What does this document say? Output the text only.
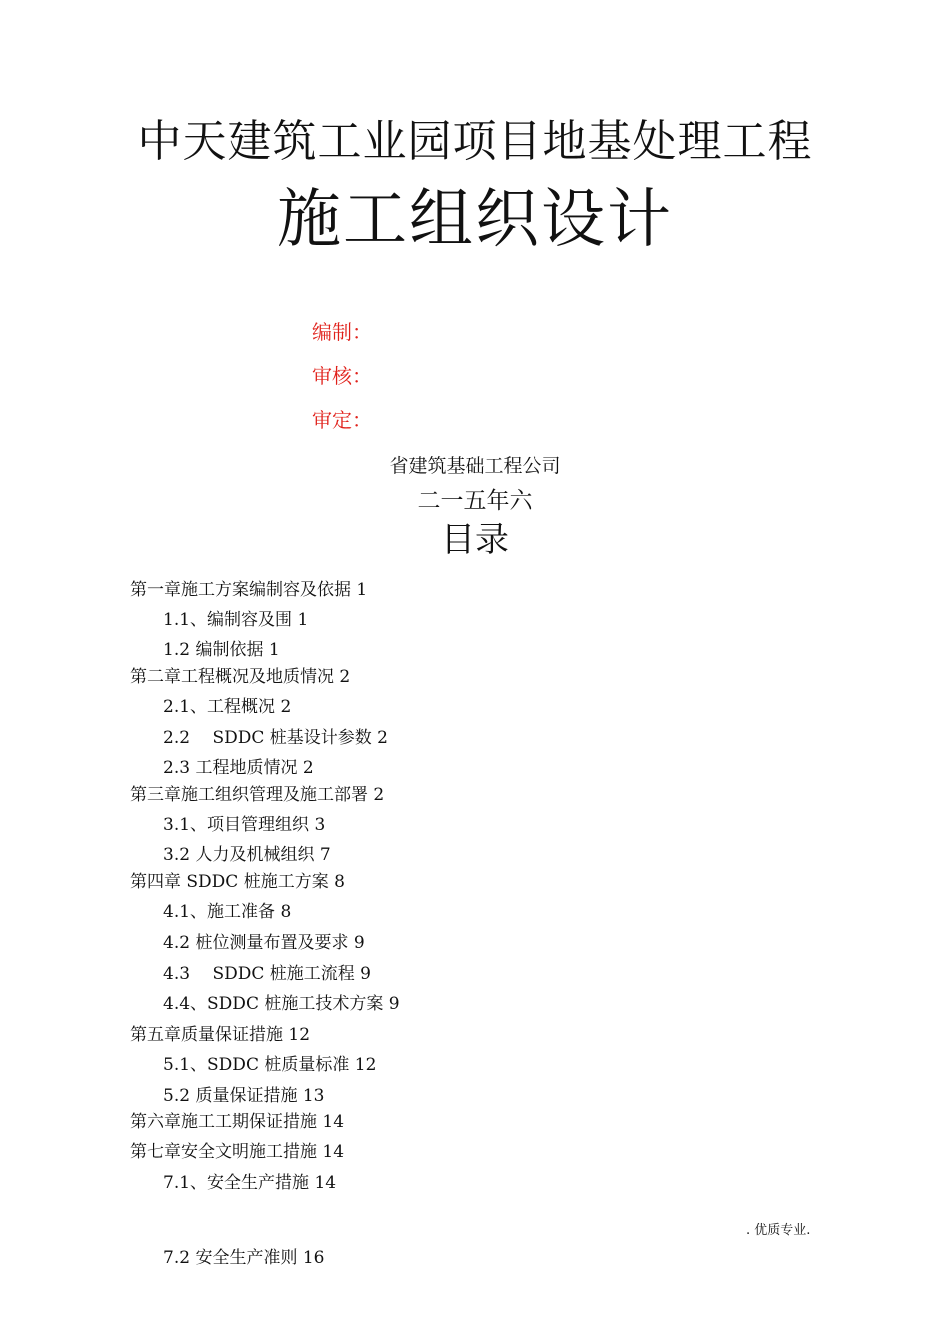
中天建筑工业园项目地基处理工程
施工组织设计
编制：
审核：
审定：
省建筑基础工程公司
二一五年六
目录
第一章施工方案编制容及依据 1
1.1、编制容及围 1
1.2 编制依据 1
第二章工程概况及地质情况 2
2.1、工程概况 2
2.2　 SDDC 桩基设计参数 2
2.3 工程地质情况 2
第三章施工组织管理及施工部署 2
3.1、项目管理组织 3
3.2 人力及机械组织 7
第四章 SDDC 桩施工方案 8
4.1、施工准备 8
4.2 桩位测量布置及要求 9
4.3　 SDDC 桩施工流程 9
4.4、SDDC 桩施工技术方案 9
第五章质量保证措施 12
5.1、SDDC 桩质量标准 12
5.2 质量保证措施 13
第六章施工工期保证措施 14
第七章安全文明施工措施 14
7.1、安全生产措施 14
7.2 安全生产准则 16
. 优质专业.
